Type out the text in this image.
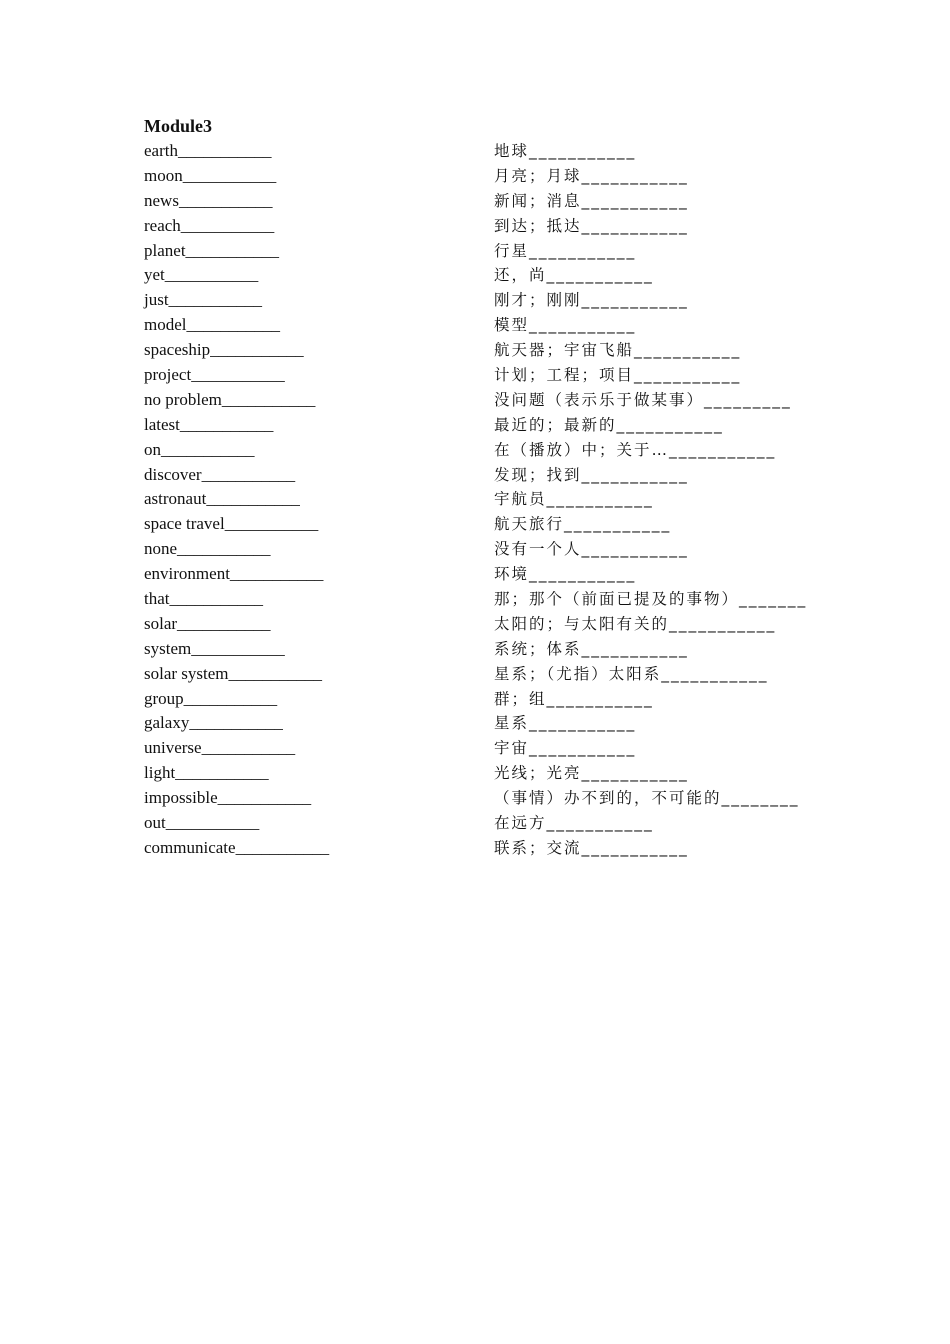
Module3
earth___________
moon___________
news___________
reach___________
planet___________
yet___________
just___________
model___________
spaceship___________
project___________
no problem___________
latest___________
on___________
discover___________
astronaut___________
space travel___________
none___________
environment___________
that___________
solar___________
system___________
solar system___________
group___________
galaxy___________
universe___________
light___________
impossible___________
out___________
communicate___________
地球___________
月亮；月球___________
新闻；消息___________
到达；抵达___________
行星___________
还，尚___________
刚才；刚刚___________
模型___________
航天器；宇宙飞船___________
计划；工程；项目___________
没问题（表示乐于做某事）_________
最近的；最新的___________
在（播放）中；关于…___________
发现；找到___________
宇航员___________
航天旅行___________
没有一个人___________
环境___________
那；那个（前面已提及的事物）_______
太阳的；与太阳有关的___________
系统；体系___________
星系；（尤指）太阳系___________
群；组___________
星系___________
宇宙___________
光线；光亮___________
（事情）办不到的，不可能的________
在远方___________
联系；交流___________
